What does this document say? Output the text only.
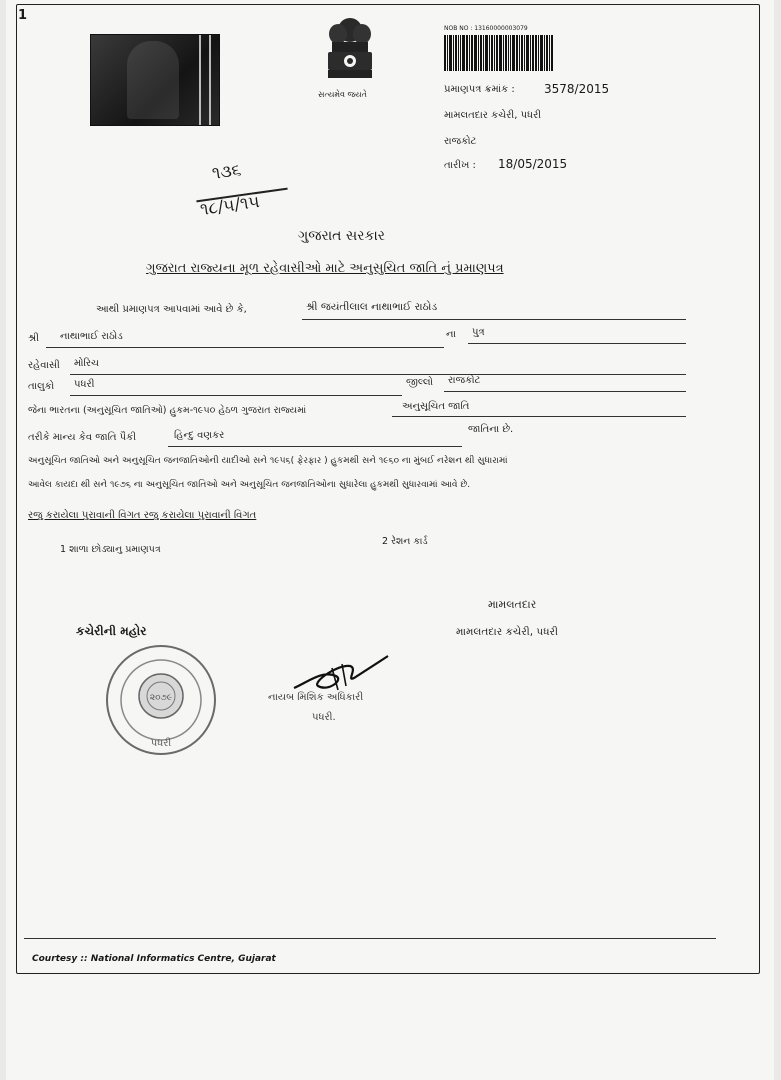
1
સત્યમેવ જયતે
NOB NO : 13160000003079
પ્રમાણપત્ર ક્રમાંક : 3578/2015
મામલતદાર કચેરી, પધરી
રાજકોટ
તારીખ : 18/05/2015
૧૩૬
૧૮/૫/૧૫
ગુજરાત સરકાર
ગુજરાત રાજ્યના મૂળ રહેવાસીઓ માટે અનુસુચિત જાતિ નું પ્રમાણપત્ર
આથી પ્રમાણપત્ર આપવામાં આવે છે કે,	શ્રી જયંતીલાલ નાથાભાઈ રાઠોડ
શ્રી નાથાભાઈ રાઠોડ	ના પુત્ર
રહેવાસી મોરિચ
તાલુકો પધરી	જીલ્લો રાજકોટ
જેના ભારતના (અનુસૂચિત જાતિઓ) હુકમ-૧૯૫૦ હેઠળ ગુજરાત રાજ્યમાં	અનુસૂચિત જાતિ
તરીકે માન્ય કેવ જાતિ પૈકી	હિન્દુ વણકર
જાતિના છે.
અનુસૂચિત જાતિઓ અને અનુસૂચિત જનજાતિઓની યાદીઓ સને ૧૯૫૬( ફેરફાર ) હુકમથી સને ૧૯૬૦ ના મુંબઈ નરેશન થી સુધારામાં
આવેલ કાયદા થી સને ૧૯૭૬ ના અનુસૂચિત જાતિઓ અને અનુસૂચિત જનજાતિઓના સુધારેલા હુકમથી સુધારવામાં આવે છે.
રજુ કરાયેલા પુરાવાની વિગત રજુ કરાયેલા પુરાવાની વિગત
1 શાળા છોડ્યાનુ પ્રમાણપત્ર
2 રેશન કાર્ડ
કચેરીની મહોર
૨૦૭૯
પધરી
નાયબ મિશિક અધિકારી
પધરી.
મામલતદાર
મામલતદાર કચેરી, પધરી
Courtesy :: National Informatics Centre, Gujarat
